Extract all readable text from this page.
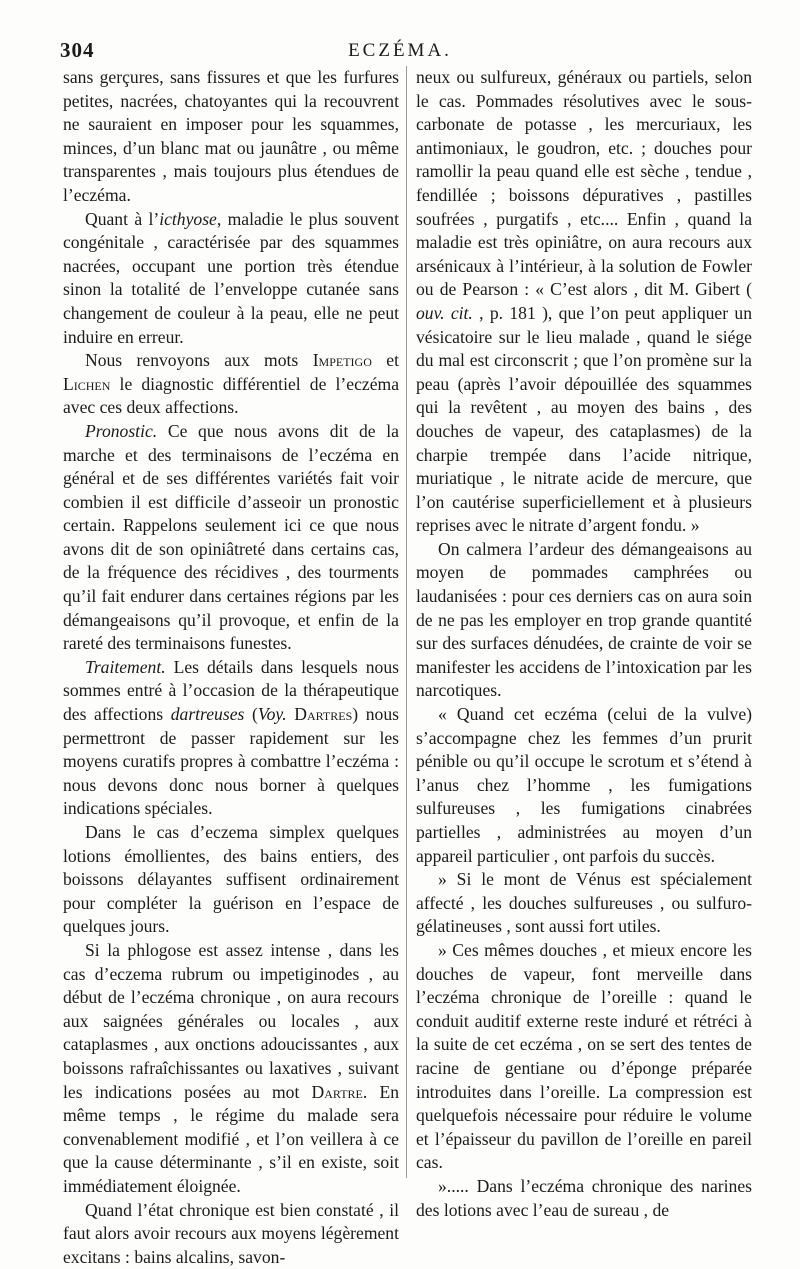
304	ECZÉMA.

sans gerçures, sans fissures et que les furfures petites, nacrées, chatoyantes qui la recouvrent ne sauraient en imposer pour les squammes, minces, d’un blanc mat ou jaunâtre , ou même transparentes , mais toujours plus étendues de l’eczéma.

Quant à l’icthyose, maladie le plus souvent congénitale , caractérisée par des squammes nacrées, occupant une portion très étendue sinon la totalité de l’enveloppe cutanée sans changement de couleur à la peau, elle ne peut induire en erreur.

Nous renvoyons aux mots Impetigo et Lichen le diagnostic différentiel de l’eczéma avec ces deux affections.

Pronostic. Ce que nous avons dit de la marche et des terminaisons de l’eczéma en général et de ses différentes variétés fait voir combien il est difficile d’asseoir un pronostic certain. Rappelons seulement ici ce que nous avons dit de son opiniâtreté dans certains cas, de la fréquence des récidives , des tourments qu’il fait endurer dans certaines régions par les démangeaisons qu’il provoque, et enfin de la rareté des terminaisons funestes.

Traitement. Les détails dans lesquels nous sommes entré à l’occasion de la thérapeutique des affections dartreuses (Voy. Dartres) nous permettront de passer rapidement sur les moyens curatifs propres à combattre l’eczéma : nous devons donc nous borner à quelques indications spéciales.

Dans le cas d’eczema simplex quelques lotions émollientes, des bains entiers, des boissons délayantes suffisent ordinairement pour compléter la guérison en l’espace de quelques jours.

Si la phlogose est assez intense , dans les cas d’eczema rubrum ou impetiginodes , au début de l’eczéma chronique , on aura recours aux saignées générales ou locales , aux cataplasmes , aux onctions adoucissantes , aux boissons rafraîchissantes ou laxatives , suivant les indications posées au mot Dartre. En même temps , le régime du malade sera convenablement modifié , et l’on veillera à ce que la cause déterminante , s’il en existe, soit immédiatement éloignée.

Quand l’état chronique est bien constaté , il faut alors avoir recours aux moyens légèrement excitans : bains alcalins, savon-

neux ou sulfureux, généraux ou partiels, selon le cas. Pommades résolutives avec le sous-carbonate de potasse , les mercuriaux, les antimoniaux, le goudron, etc. ; douches pour ramollir la peau quand elle est sèche , tendue , fendillée ; boissons dépuratives , pastilles soufrées , purgatifs , etc.... Enfin , quand la maladie est très opiniâtre, on aura recours aux arsénicaux à l’intérieur, à la solution de Fowler ou de Pearson : « C’est alors , dit M. Gibert ( ouv. cit. , p. 181 ), que l’on peut appliquer un vésicatoire sur le lieu malade , quand le siége du mal est circonscrit ; que l’on promène sur la peau (après l’avoir dépouillée des squammes qui la revêtent , au moyen des bains , des douches de vapeur, des cataplasmes) de la charpie trempée dans l’acide nitrique, muriatique , le nitrate acide de mercure, que l’on cautérise superficiellement et à plusieurs reprises avec le nitrate d’argent fondu. »

On calmera l’ardeur des démangeaisons au moyen de pommades camphrées ou laudanisées : pour ces derniers cas on aura soin de ne pas les employer en trop grande quantité sur des surfaces dénudées, de crainte de voir se manifester les accidens de l’intoxication par les narcotiques.

« Quand cet eczéma (celui de la vulve) s’accompagne chez les femmes d’un prurit pénible ou qu’il occupe le scrotum et s’étend à l’anus chez l’homme , les fumigations sulfureuses , les fumigations cinabrées partielles , administrées au moyen d’un appareil particulier , ont parfois du succès.

» Si le mont de Vénus est spécialement affecté , les douches sulfureuses , ou sulfuro-gélatineuses , sont aussi fort utiles.

» Ces mêmes douches , et mieux encore les douches de vapeur, font merveille dans l’eczéma chronique de l’oreille : quand le conduit auditif externe reste induré et rétréci à la suite de cet eczéma , on se sert des tentes de racine de gentiane ou d’éponge préparée introduites dans l’oreille. La compression est quelquefois nécessaire pour réduire le volume et l’épaisseur du pavillon de l’oreille en pareil cas.

»..... Dans l’eczéma chronique des narines des lotions avec l’eau de sureau , de
